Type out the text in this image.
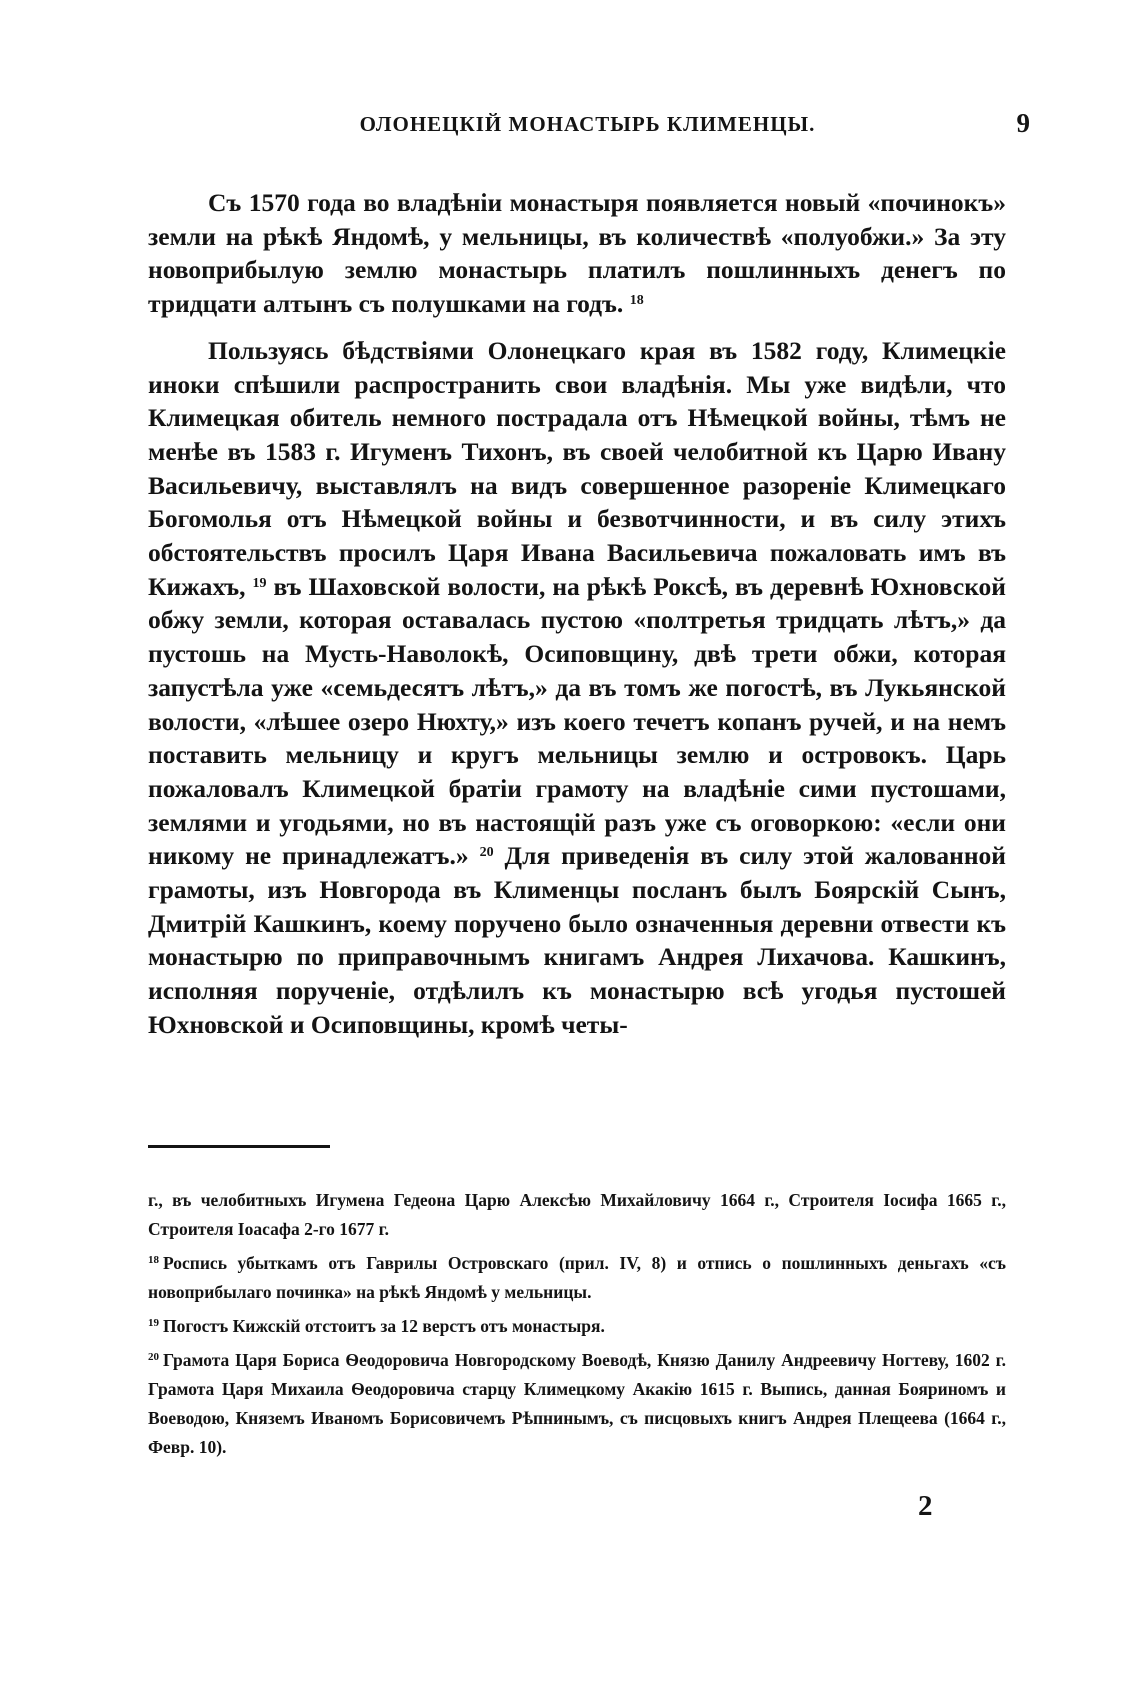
ОЛОНЕЦКІЙ МОНАСТЫРЬ КЛИМЕНЦЫ.	9

Съ 1570 года во владѣніи монастыря появляется новый «починокъ» земли на рѣкѣ Яндомѣ, у мельницы, въ количествѣ «полуобжи.» За эту новоприбылую землю монастырь платилъ пошлинныхъ денегъ по тридцати алтынъ съ полушками на годъ. $^{18}$

Пользуясь бѣдствіями Олонецкаго края въ 1582 году, Климецкіе иноки спѣшили распространить свои владѣнія. Мы уже видѣли, что Климецкая обитель немного пострадала отъ Нѣмецкой войны, тѣмъ не менѣе въ 1583 г. Игуменъ Тихонъ, въ своей челобитной къ Царю Ивану Васильевичу, выставлялъ на видъ совершенное разореніе Климецкаго Богомолья отъ Нѣмецкой войны и безвотчинности, и въ силу этихъ обстоятельствъ просилъ Царя Ивана Васильевича пожаловать имъ въ Кижахъ, $^{19}$ въ Шаховской волости, на рѣкѣ Роксѣ, въ деревнѣ Юхновской обжу земли, которая оставалась пустою «полтретья тридцать лѣтъ,» да пустошь на Мусть-Наволокѣ, Осиповщину, двѣ трети обжи, которая запустѣла уже «семьдесятъ лѣтъ,» да въ томъ же погостѣ, въ Лукьянской волости, «лѣшее озеро Нюхту,» изъ коего течетъ копанъ ручей, и на немъ поставить мельницу и кругъ мельницы землю и островокъ. Царь пожаловалъ Климецкой братіи грамоту на владѣніе сими пустошами, землями и угодьями, но въ настоящій разъ уже съ оговоркою: «если они никому не принадлежатъ.» $^{20}$ Для приведенія въ силу этой жалованной грамоты, изъ Новгорода въ Клименцы посланъ былъ Боярскій Сынъ, Дмитрій Кашкинъ, коему поручено было означенныя деревни отвести къ монастырю по приправочнымъ книгамъ Андрея Лихачова. Кашкинъ, исполняя порученіе, отдѣлилъ къ монастырю всѣ угодья пустошей Юхновской и Осиповщины, кромѣ четы-

г., въ челобитныхъ Игумена Гедеона Царю Алексѣю Михайловичу 1664 г., Строителя Іосифа 1665 г., Строителя Іоасафа 2-го 1677 г.

$^{18}$ Роспись убыткамъ отъ Гаврилы Островскаго (прил. IV, 8) и отпись о пошлинныхъ деньгахъ «съ новоприбылаго починка» на рѣкѣ Яндомѣ у мельницы.

$^{19}$ Погостъ Кижскій отстоитъ за 12 верстъ отъ монастыря.

$^{20}$ Грамота Царя Бориса Ѳеодоровича Новгородскому Воеводѣ, Князю Данилу Андреевичу Ногтеву, 1602 г. Грамота Царя Михаила Ѳеодоровича старцу Климецкому Акакію 1615 г. Выпись, данная Бояриномъ и Воеводою, Княземъ Иваномъ Борисовичемъ Рѣпнинымъ, съ писцовыхъ книгъ Андрея Плещеева (1664 г., Февр. 10).

2
